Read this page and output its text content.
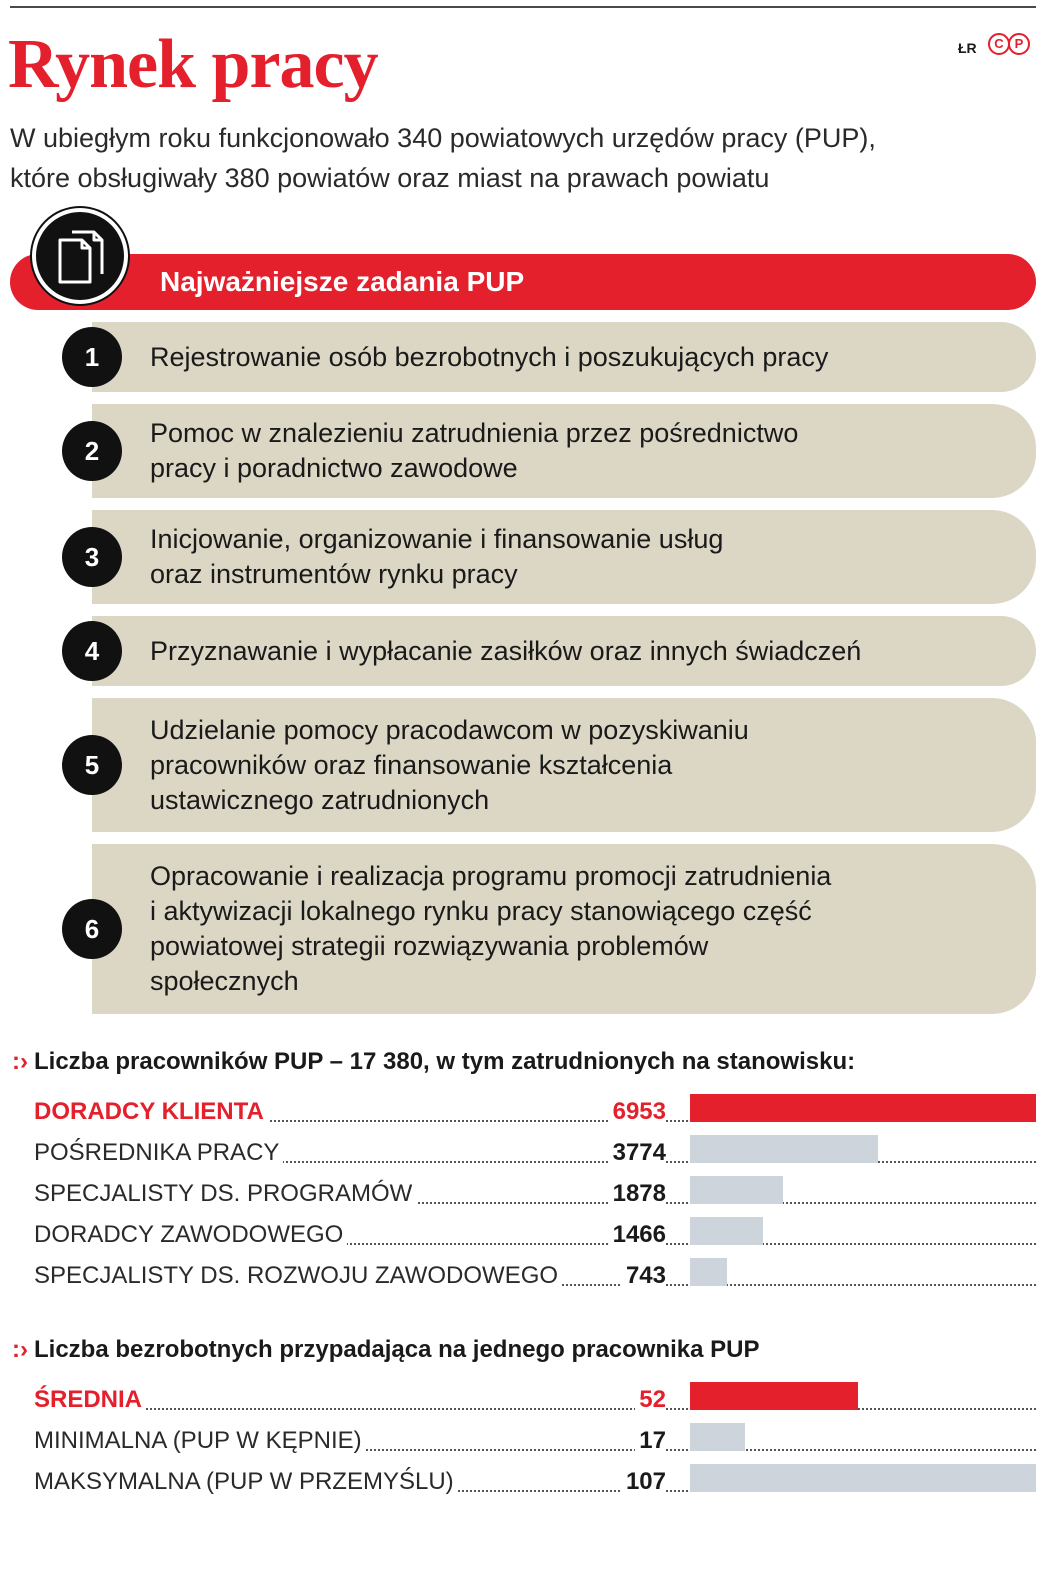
Rynek pracy	ŁR	C P
W ubiegłym roku funkcjonowało 340 powiatowych urzędów pracy (PUP),
które obsługiwały 380 powiatów oraz miast na prawach powiatu
Najważniejsze zadania PUP
Rejestrowanie osób bezrobotnych i poszukujących pracy
1
Pomoc w znalezieniu zatrudnienia przez pośrednictwo
pracy i poradnictwo zawodowe
2
Inicjowanie, organizowanie i finansowanie usług
oraz instrumentów rynku pracy
3
Przyznawanie i wypłacanie zasiłków oraz innych świadczeń
4
Udzielanie pomocy pracodawcom w pozyskiwaniu
pracowników oraz finansowanie kształcenia
ustawicznego zatrudnionych
5
Opracowanie i realizacja programu promocji zatrudnienia
i aktywizacji lokalnego rynku pracy stanowiącego część
powiatowej strategii rozwiązywania problemów
społecznych
6
:› Liczba pracowników PUP – 17 380, w tym zatrudnionych na stanowisku:
DORADCY KLIENTA	6953
POŚREDNIKA PRACY	3774
SPECJALISTY DS. PROGRAMÓW	1878
DORADCY ZAWODOWEGO	1466
SPECJALISTY DS. ROZWOJU ZAWODOWEGO	743
:› Liczba bezrobotnych przypadająca na jednego pracownika PUP
ŚREDNIA	52
MINIMALNA (PUP W KĘPNIE)	17
MAKSYMALNA (PUP W PRZEMYŚLU)	107
